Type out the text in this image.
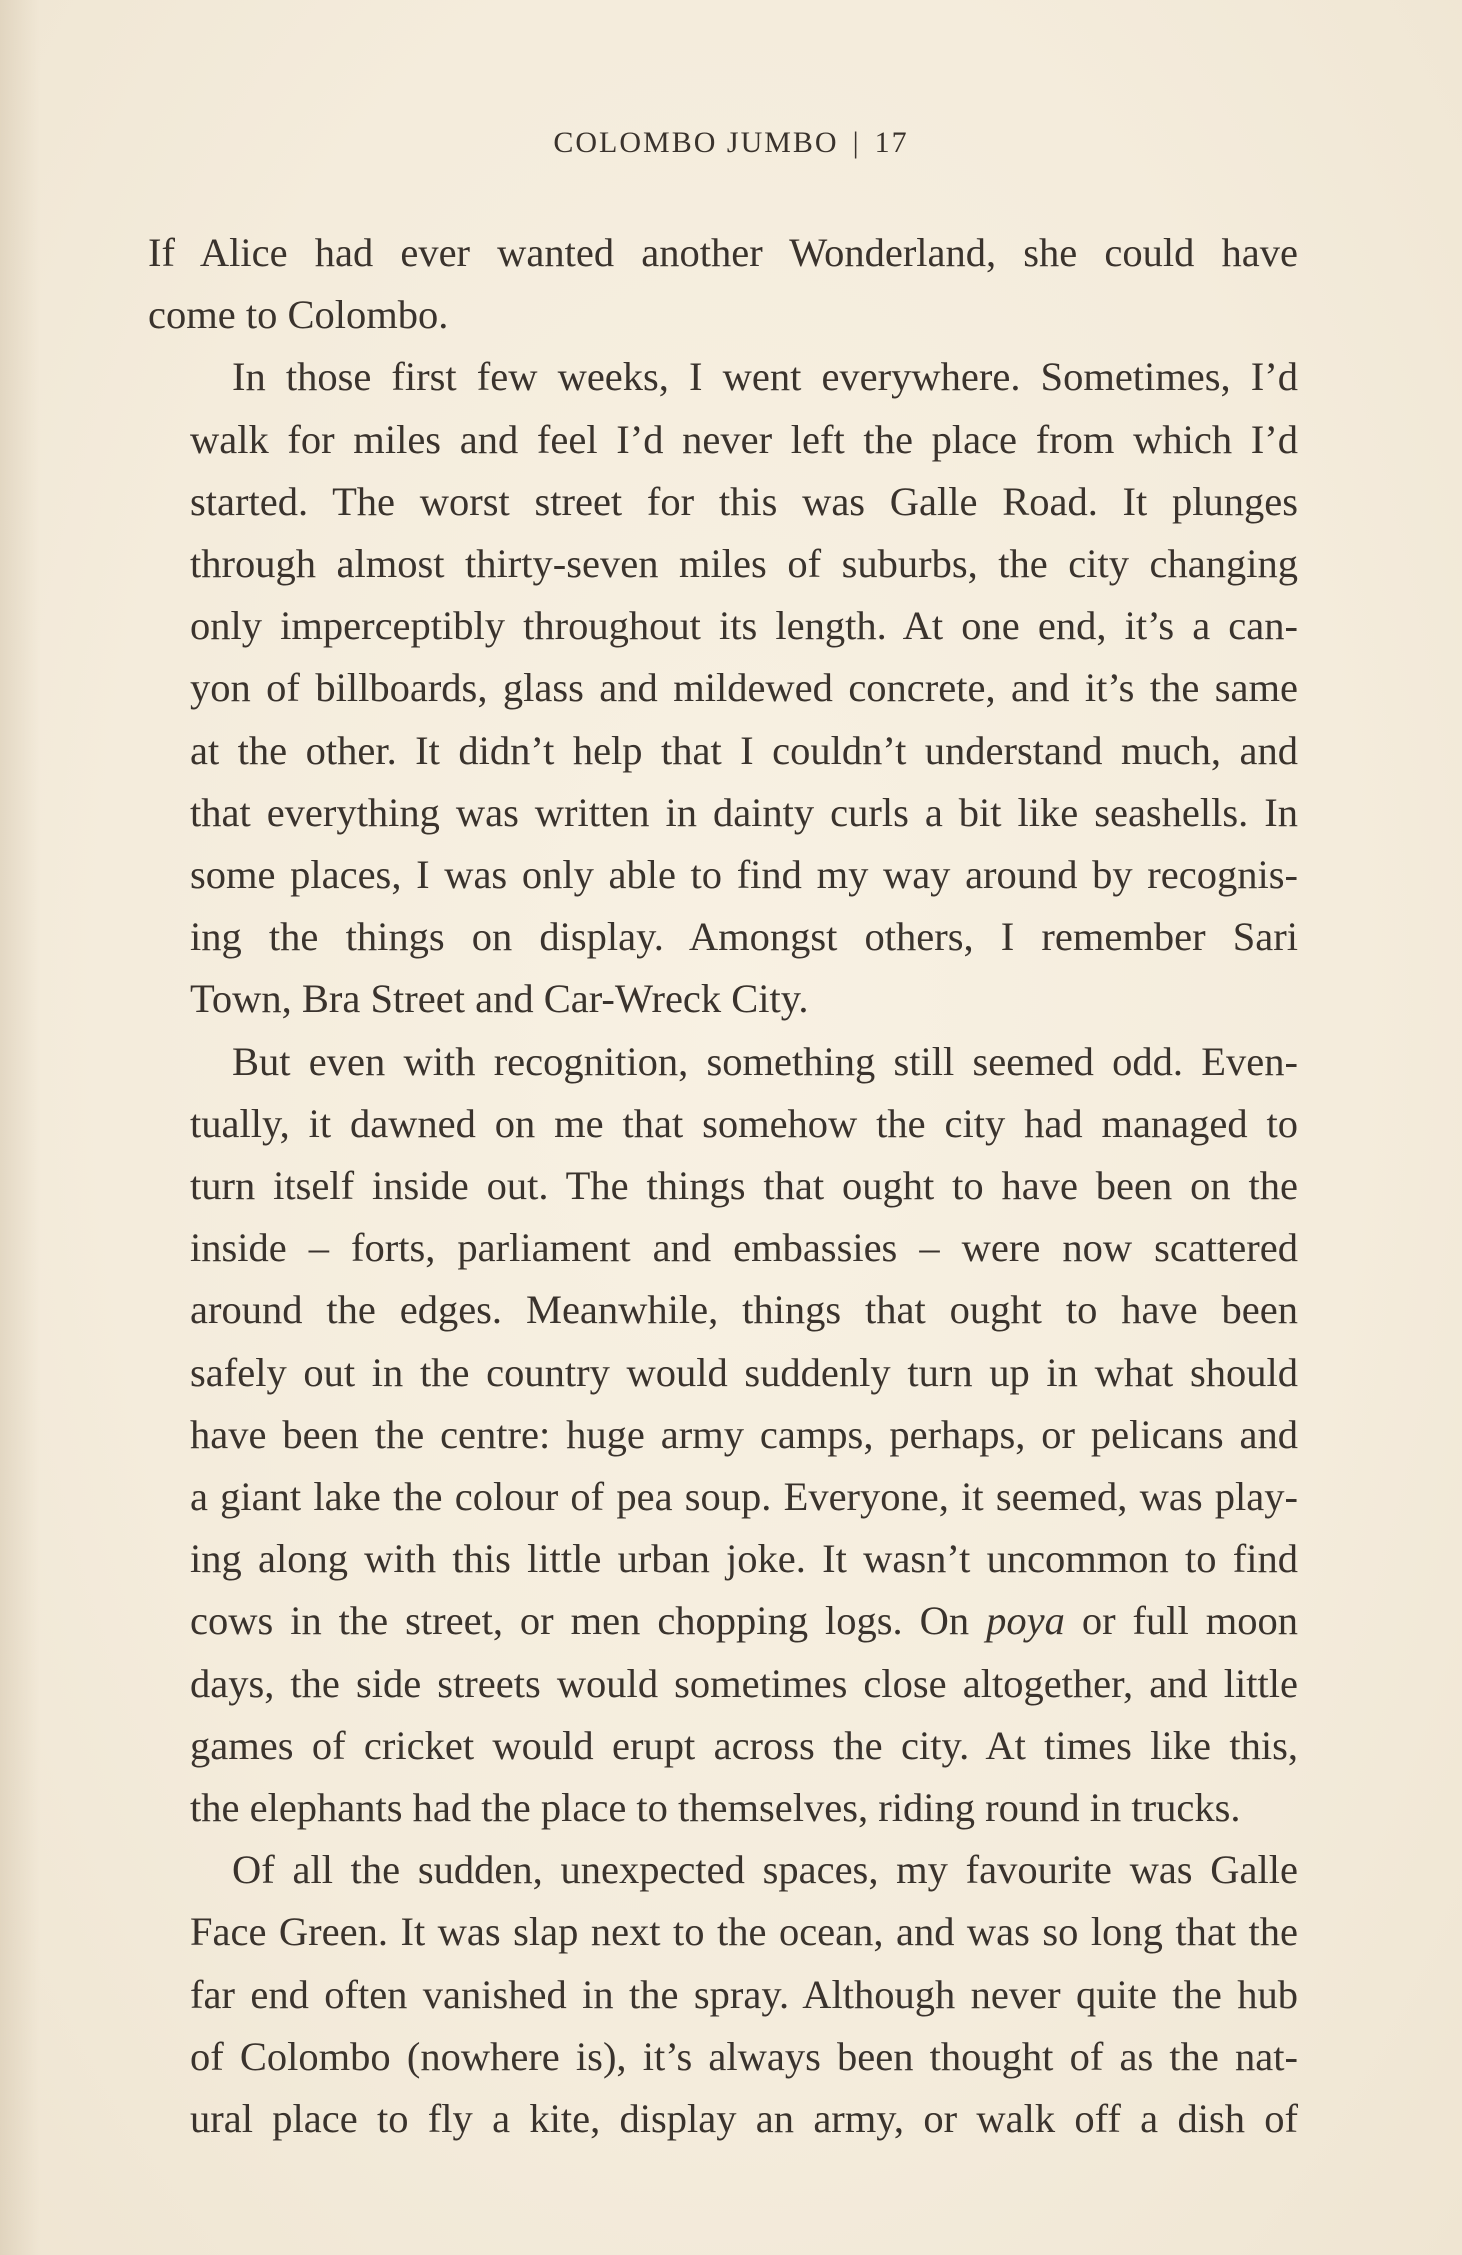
COLOMBO JUMBO | 17
If Alice had ever wanted another Wonderland, she could have
come to Colombo.
In those first few weeks, I went everywhere. Sometimes, I’d
walk for miles and feel I’d never left the place from which I’d
started. The worst street for this was Galle Road. It plunges
through almost thirty-seven miles of suburbs, the city changing
only imperceptibly throughout its length. At one end, it’s a can-
yon of billboards, glass and mildewed concrete, and it’s the same
at the other. It didn’t help that I couldn’t understand much, and
that everything was written in dainty curls a bit like seashells. In
some places, I was only able to find my way around by recognis-
ing the things on display. Amongst others, I remember Sari
Town, Bra Street and Car-Wreck City.
But even with recognition, something still seemed odd. Even-
tually, it dawned on me that somehow the city had managed to
turn itself inside out. The things that ought to have been on the
inside – forts, parliament and embassies – were now scattered
around the edges. Meanwhile, things that ought to have been
safely out in the country would suddenly turn up in what should
have been the centre: huge army camps, perhaps, or pelicans and
a giant lake the colour of pea soup. Everyone, it seemed, was play-
ing along with this little urban joke. It wasn’t uncommon to find
cows in the street, or men chopping logs. On poya or full moon
days, the side streets would sometimes close altogether, and little
games of cricket would erupt across the city. At times like this,
the elephants had the place to themselves, riding round in trucks.
Of all the sudden, unexpected spaces, my favourite was Galle
Face Green. It was slap next to the ocean, and was so long that the
far end often vanished in the spray. Although never quite the hub
of Colombo (nowhere is), it’s always been thought of as the nat-
ural place to fly a kite, display an army, or walk off a dish of
